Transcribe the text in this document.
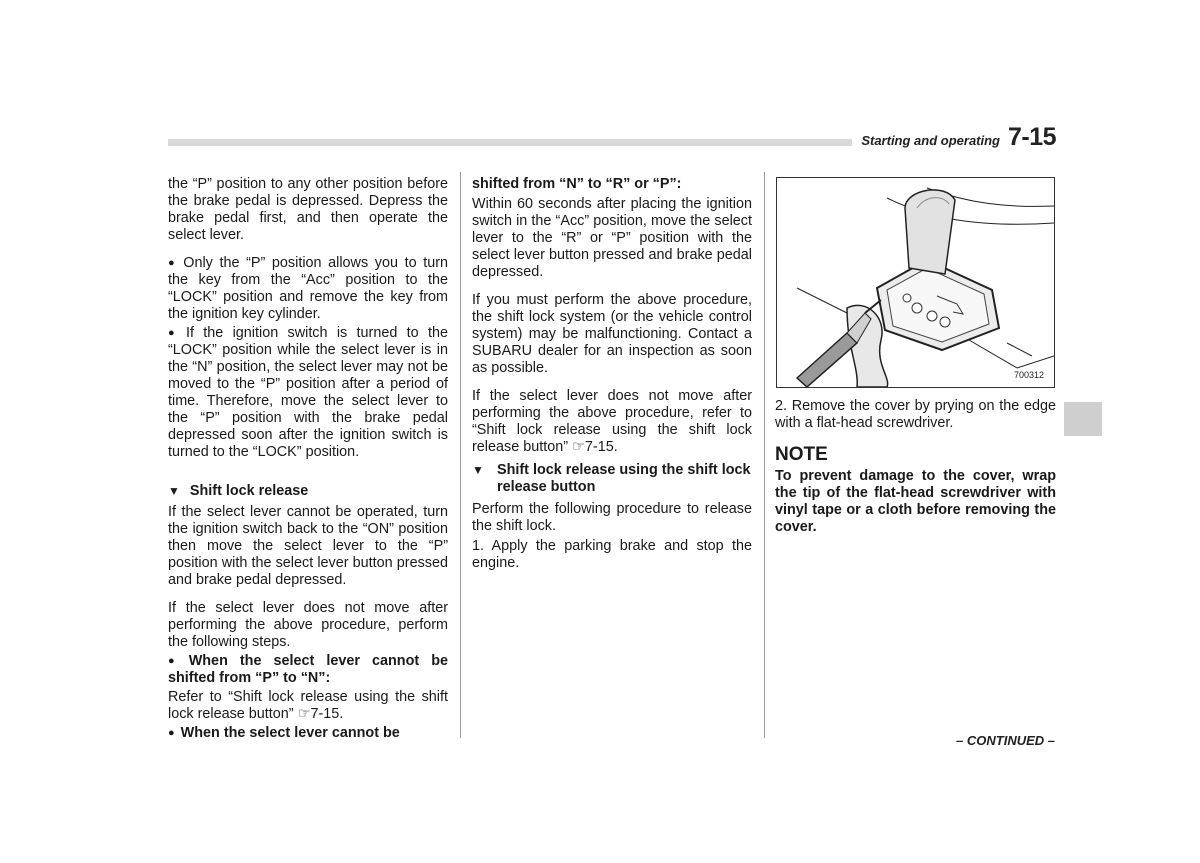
Starting and operating 7-15

the “P” position to any other position before the brake pedal is depressed. Depress the brake pedal first, and then operate the select lever.

● Only the “P” position allows you to turn the key from the “Acc” position to the “LOCK” position and remove the key from the ignition key cylinder.

● If the ignition switch is turned to the “LOCK” position while the select lever is in the “N” position, the select lever may not be moved to the “P” position after a period of time. Therefore, move the select lever to the “P” position with the brake pedal depressed soon after the ignition switch is turned to the “LOCK” position.

▼ Shift lock release

If the select lever cannot be operated, turn the ignition switch back to the “ON” position then move the select lever to the “P” position with the select lever button pressed and brake pedal depressed.

If the select lever does not move after performing the above procedure, perform the following steps.

● When the select lever cannot be shifted from “P” to “N”:

Refer to “Shift lock release using the shift lock release button” ☞7-15.

● When the select lever cannot be

shifted from “N” to “R” or “P”:

Within 60 seconds after placing the ignition switch in the “Acc” position, move the select lever to the “R” or “P” position with the select lever button pressed and brake pedal depressed.

If you must perform the above procedure, the shift lock system (or the vehicle control system) may be malfunctioning. Contact a SUBARU dealer for an inspection as soon as possible.

If the select lever does not move after performing the above procedure, refer to “Shift lock release using the shift lock release button” ☞7-15.

▼ Shift lock release using the shift lock release button

Perform the following procedure to release the shift lock.

1. Apply the parking brake and stop the engine.

700312

2. Remove the cover by prying on the edge with a flat-head screwdriver.

NOTE

To prevent damage to the cover, wrap the tip of the flat-head screwdriver with vinyl tape or a cloth before removing the cover.

– CONTINUED –
